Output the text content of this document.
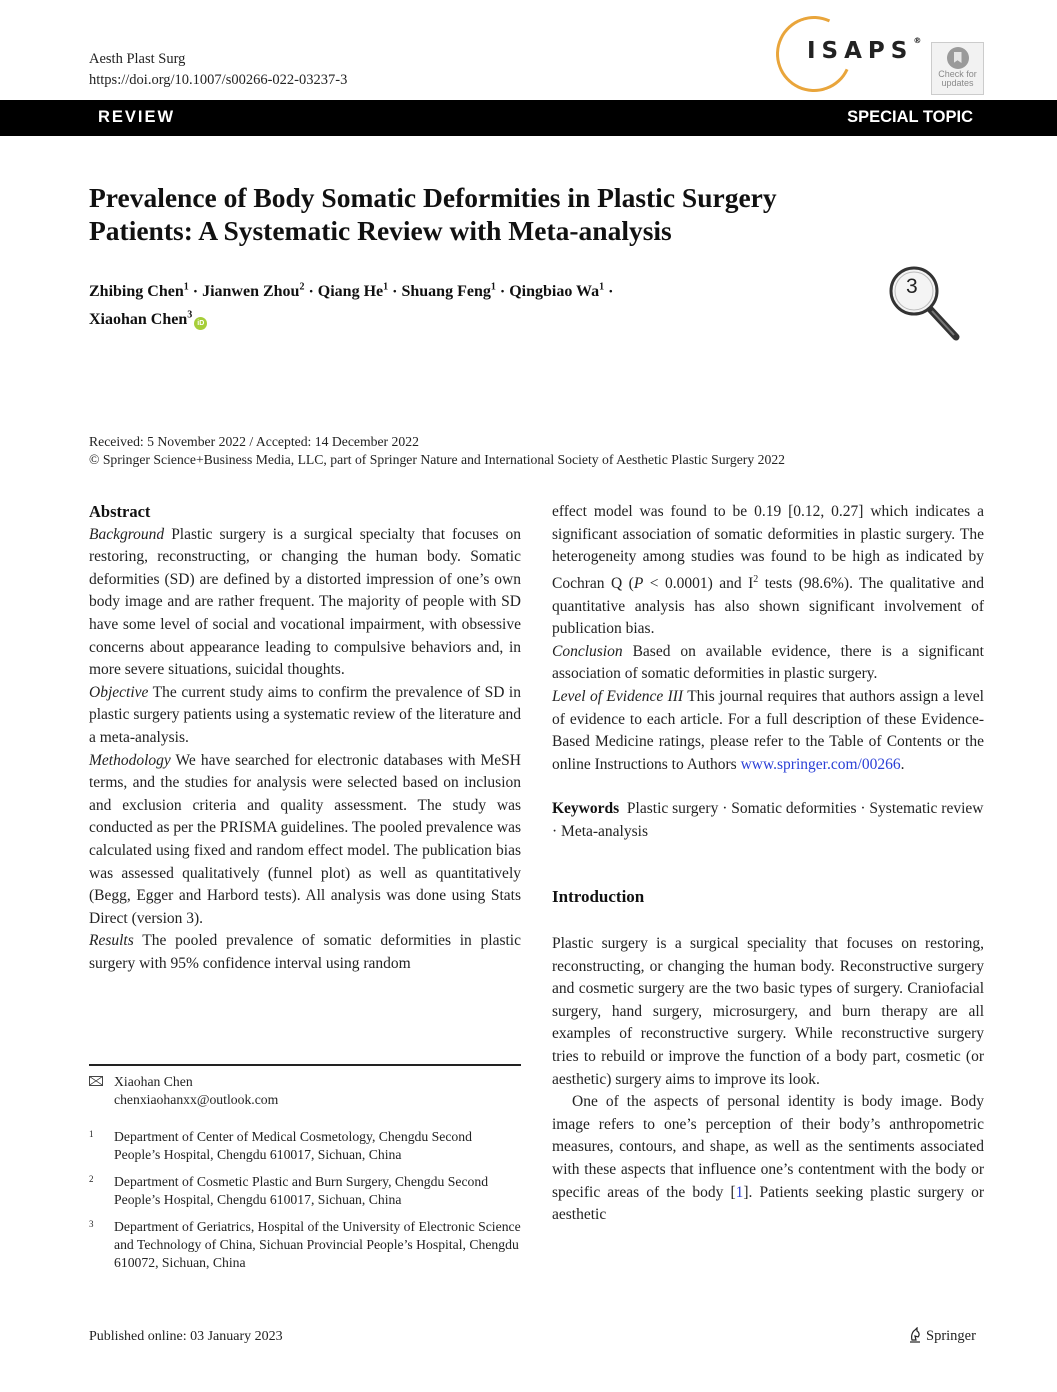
Aesth Plast Surg
https://doi.org/10.1007/s00266-022-03237-3
ISAPS®
Check for
updates
REVIEW	SPECIAL TOPIC
Prevalence of Body Somatic Deformities in Plastic Surgery
Patients: A Systematic Review with Meta-analysis
Zhibing Chen$^1$ · Jianwen Zhou$^2$ · Qiang $He^1$ · Shuang Feng$^1$ · Qingbiao $Wa^1$ ·
Xiaohan Chen$^3$iD
3
Received: 5 November 2022 / Accepted: 14 December 2022
© Springer Science+Business Media, LLC, part of Springer Nature and International Society of Aesthetic Plastic Surgery 2022
Abstract

Background Plastic surgery is a surgical specialty that focuses on restoring, reconstructing, or changing the human body. Somatic deformities (SD) are defined by a distorted impression of one’s own body image and are rather frequent. The majority of people with SD have some level of social and vocational impairment, with obsessive concerns about appearance leading to compulsive behaviors and, in more severe situations, suicidal thoughts.

Objective The current study aims to confirm the prevalence of SD in plastic surgery patients using a systematic review of the literature and a meta-analysis.

Methodology We have searched for electronic databases with MeSH terms, and the studies for analysis were selected based on inclusion and exclusion criteria and quality assessment. The study was conducted as per the PRISMA guidelines. The pooled prevalence was calculated using fixed and random effect model. The publication bias was assessed qualitatively (funnel plot) as well as quantitatively (Begg, Egger and Harbord tests). All analysis was done using Stats Direct (version 3).

Results The pooled prevalence of somatic deformities in plastic surgery with 95% confidence interval using random

Xiaohan Chen
chenxiaohanxx@outlook.com
1 Department of Center of Medical Cosmetology, Chengdu Second People’s Hospital, Chengdu 610017, Sichuan, China
2 Department of Cosmetic Plastic and Burn Surgery, Chengdu Second People’s Hospital, Chengdu 610017, Sichuan, China
3 Department of Geriatrics, Hospital of the University of Electronic Science and Technology of China, Sichuan Provincial People’s Hospital, Chengdu 610072, Sichuan, China

effect model was found to be 0.19 [0.12, 0.27] which indicates a significant association of somatic deformities in plastic surgery. The heterogeneity among studies was found to be high as indicated by Cochran Q (P < 0.0001) and $I^2$ tests (98.6%). The qualitative and quantitative analysis has also shown significant involvement of publication bias.

Conclusion Based on available evidence, there is a significant association of somatic deformities in plastic surgery.

Level of Evidence III This journal requires that authors assign a level of evidence to each article. For a full description of these Evidence-Based Medicine ratings, please refer to the Table of Contents or the online Instructions to Authors www.springer.com/00266.

Keywords Plastic surgery · Somatic deformities · Systematic review · Meta-analysis

Introduction

Plastic surgery is a surgical speciality that focuses on restoring, reconstructing, or changing the human body. Reconstructive surgery and cosmetic surgery are the two basic types of surgery. Craniofacial surgery, hand surgery, microsurgery, and burn therapy are all examples of reconstructive surgery. While reconstructive surgery tries to rebuild or improve the function of a body part, cosmetic (or aesthetic) surgery aims to improve its look.

One of the aspects of personal identity is body image. Body image refers to one’s perception of their body’s anthropometric measures, contours, and shape, as well as the sentiments associated with these aspects that influence one’s contentment with the body or specific areas of the body [1]. Patients seeking plastic surgery or aesthetic

Published online: 03 January 2023	Springer
